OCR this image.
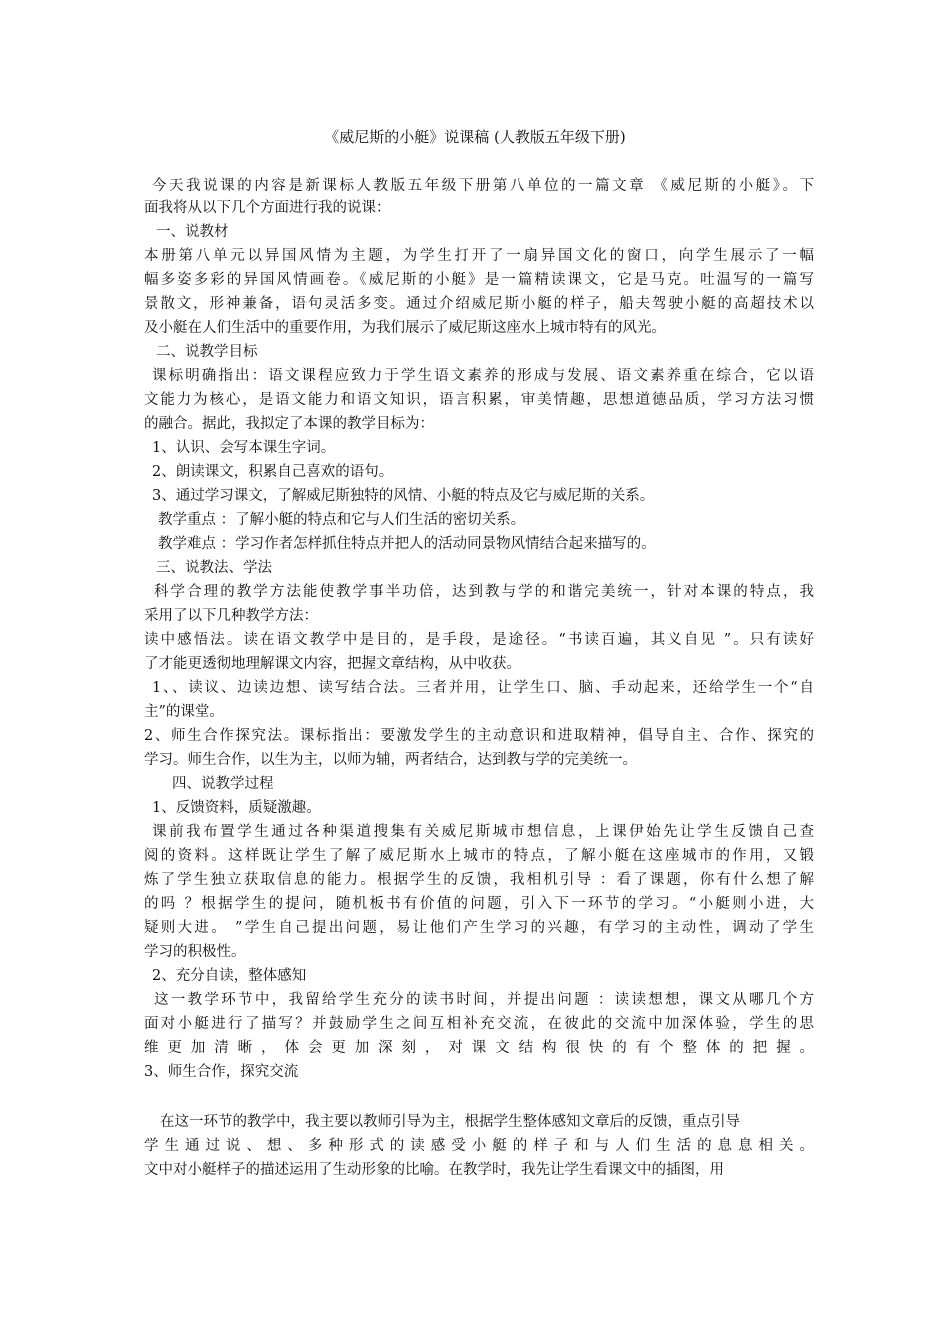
《威尼斯的小艇》说课稿 (人教版五年级下册)
今天我说课的内容是新课标人教版五年级下册第八单位的一篇文章 《威尼斯的小艇》。下
面我将从以下几个方面进行我的说课：
一、说教材
本册第八单元以异国风情为主题，为学生打开了一扇异国文化的窗口，向学生展示了一幅
幅多姿多彩的异国风情画卷。《威尼斯的小艇》是一篇精读课文，它是马克。吐温写的一篇写
景散文，形神兼备，语句灵活多变。通过介绍威尼斯小艇的样子，船夫驾驶小艇的高超技术以
及小艇在人们生活中的重要作用，为我们展示了威尼斯这座水上城市特有的风光。
二、说教学目标
课标明确指出：语文课程应致力于学生语文素养的形成与发展、语文素养重在综合，它以语
文能力为核心，是语文能力和语文知识，语言积累，审美情趣，思想道德品质，学习方法习惯
的融合。据此，我拟定了本课的教学目标为：
1、认识、会写本课生字词。
2、朗读课文，积累自己喜欢的语句。
3、通过学习课文，了解威尼斯独特的风情、小艇的特点及它与威尼斯的关系。
教学重点 ：了解小艇的特点和它与人们生活的密切关系。
教学难点 ：学习作者怎样抓住特点并把人的活动同景物风情结合起来描写的。
三、说教法、学法
科学合理的教学方法能使教学事半功倍，达到教与学的和谐完美统一，针对本课的特点，我
采用了以下几种教学方法：
读中感悟法。读在语文教学中是目的，是手段，是途径。“书读百遍，其义自见 ”。只有读好
了才能更透彻地理解课文内容，把握文章结构，从中收获。
1、、读议、边读边想、读写结合法。三者并用，让学生口、脑、手动起来，还给学生一个“自
主”的课堂。
2、师生合作探究法。课标指出：要激发学生的主动意识和进取精神，倡导自主、合作、探究的
学习。师生合作，以生为主，以师为辅，两者结合，达到教与学的完美统一。
四、说教学过程
1、反馈资料，质疑激趣。
课前我布置学生通过各种渠道搜集有关威尼斯城市想信息，上课伊始先让学生反馈自己查
阅的资料。这样既让学生了解了威尼斯水上城市的特点，了解小艇在这座城市的作用，又锻
炼了学生独立获取信息的能力。根据学生的反馈，我相机引导 ：看了课题，你有什么想了解
的吗 ？根据学生的提问，随机板书有价值的问题，引入下一环节的学习。“小艇则小进，大
疑则大进。 ”学生自己提出问题，易让他们产生学习的兴趣，有学习的主动性，调动了学生
学习的积极性。
2、充分自读，整体感知
这一教学环节中，我留给学生充分的读书时间，并提出问题 ：读读想想，课文从哪几个方
面对小艇进行了描写？并鼓励学生之间互相补充交流，在彼此的交流中加深体验，学生的思
维更加清晰，体会更加深刻，对课文结构很快的有个整体的把握。
3、师生合作，探究交流
在这一环节的教学中，我主要以教师引导为主，根据学生整体感知文章后的反馈，重点引导
学生通过说、想、多种形式的读感受小艇的样子和与人们生活的息息相关。
文中对小艇样子的描述运用了生动形象的比喻。在教学时，我先让学生看课文中的插图，用
